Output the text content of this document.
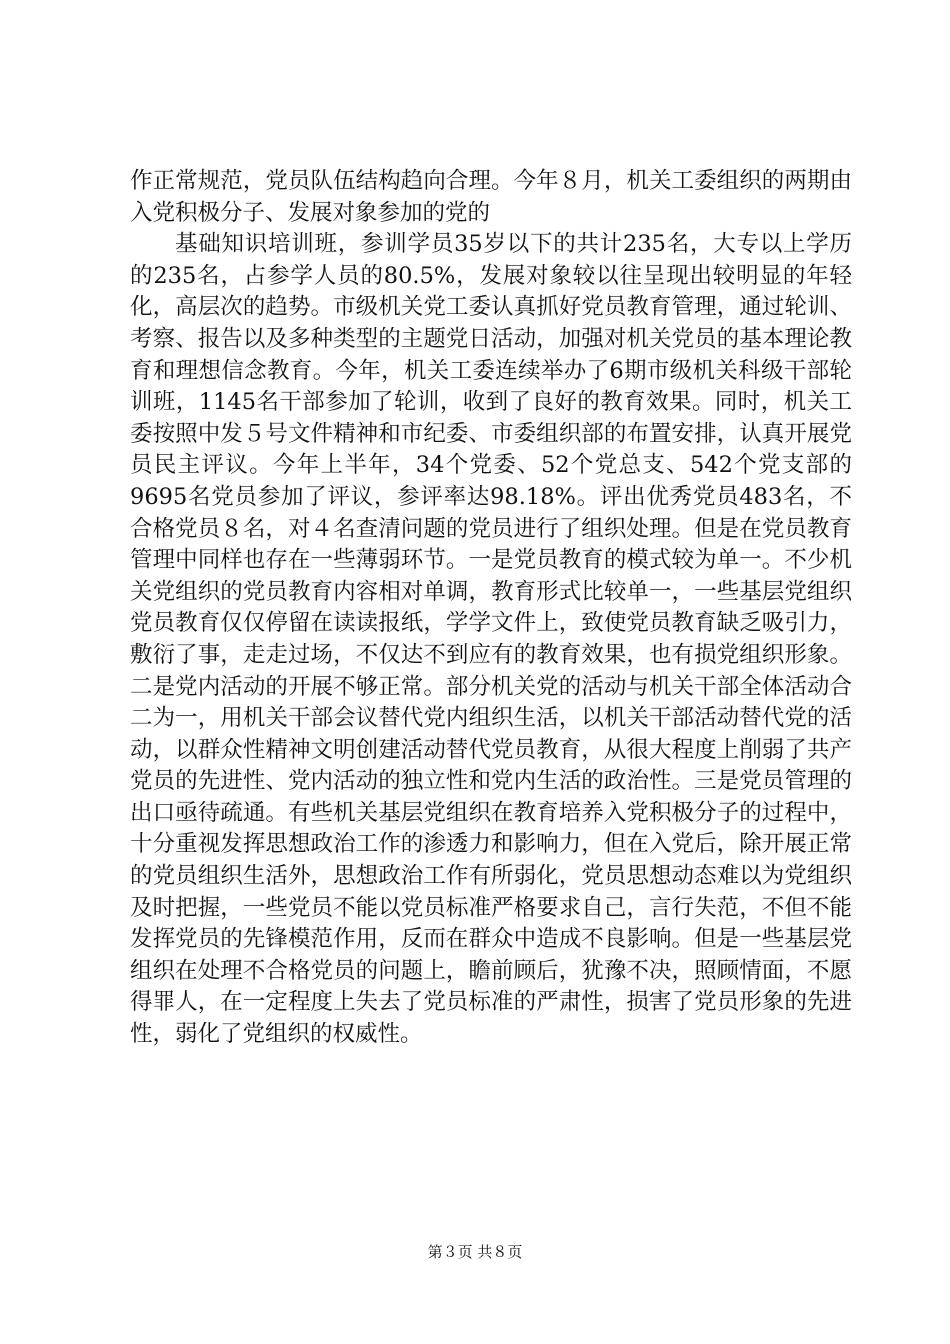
作正常规范，党员队伍结构趋向合理。今年８月，机关工委组织的两期由入党积极分子、发展对象参加的党的

基础知识培训班，参训学员35岁以下的共计235名，大专以上学历的235名，占参学人员的80.5%，发展对象较以往呈现出较明显的年轻化，高层次的趋势。市级机关党工委认真抓好党员教育管理，通过轮训、考察、报告以及多种类型的主题党日活动，加强对机关党员的基本理论教育和理想信念教育。今年，机关工委连续举办了6期市级机关科级干部轮训班，1145名干部参加了轮训，收到了良好的教育效果。同时，机关工委按照中发５号文件精神和市纪委、市委组织部的布置安排，认真开展党员民主评议。今年上半年，34个党委、52个党总支、542个党支部的9695名党员参加了评议，参评率达98.18%。评出优秀党员483名，不合格党员８名，对４名查清问题的党员进行了组织处理。但是在党员教育管理中同样也存在一些薄弱环节。一是党员教育的模式较为单一。不少机关党组织的党员教育内容相对单调，教育形式比较单一，一些基层党组织党员教育仅仅停留在读读报纸，学学文件上，致使党员教育缺乏吸引力，敷衍了事，走走过场，不仅达不到应有的教育效果，也有损党组织形象。二是党内活动的开展不够正常。部分机关党的活动与机关干部全体活动合二为一，用机关干部会议替代党内组织生活，以机关干部活动替代党的活动，以群众性精神文明创建活动替代党员教育，从很大程度上削弱了共产党员的先进性、党内活动的独立性和党内生活的政治性。三是党员管理的出口亟待疏通。有些机关基层党组织在教育培养入党积极分子的过程中，十分重视发挥思想政治工作的渗透力和影响力，但在入党后，除开展正常的党员组织生活外，思想政治工作有所弱化，党员思想动态难以为党组织及时把握，一些党员不能以党员标准严格要求自己，言行失范，不但不能发挥党员的先锋模范作用，反而在群众中造成不良影响。但是一些基层党组织在处理不合格党员的问题上，瞻前顾后，犹豫不决，照顾情面，不愿得罪人，在一定程度上失去了党员标准的严肃性，损害了党员形象的先进性，弱化了党组织的权威性。

第３页 共８页
